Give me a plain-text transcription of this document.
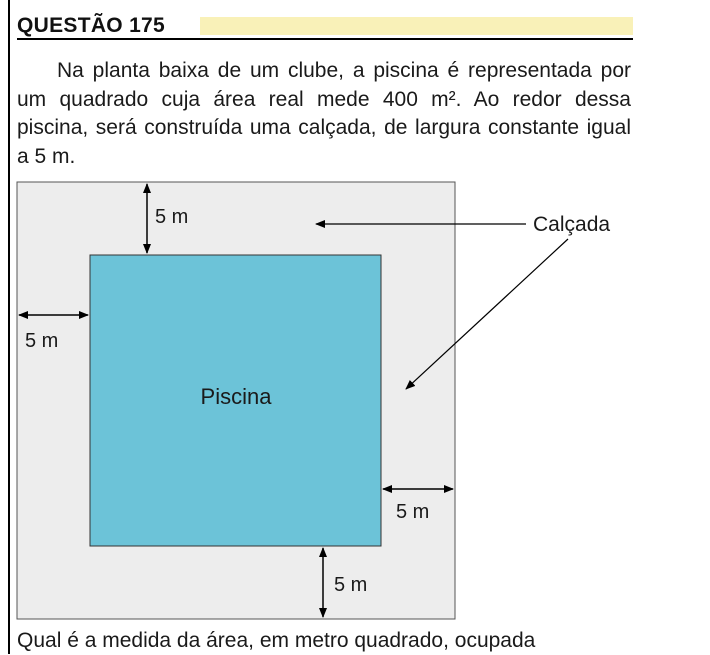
QUESTÃO 175

Na planta baixa de um clube, a piscina é representada por um quadrado cuja área real mede 400 m². Ao redor dessa piscina, será construída uma calçada, de largura constante igual a 5 m.

5 m
5 m
5 m
5 m
Piscina
Calçada

Qual é a medida da área, em metro quadrado, ocupada
